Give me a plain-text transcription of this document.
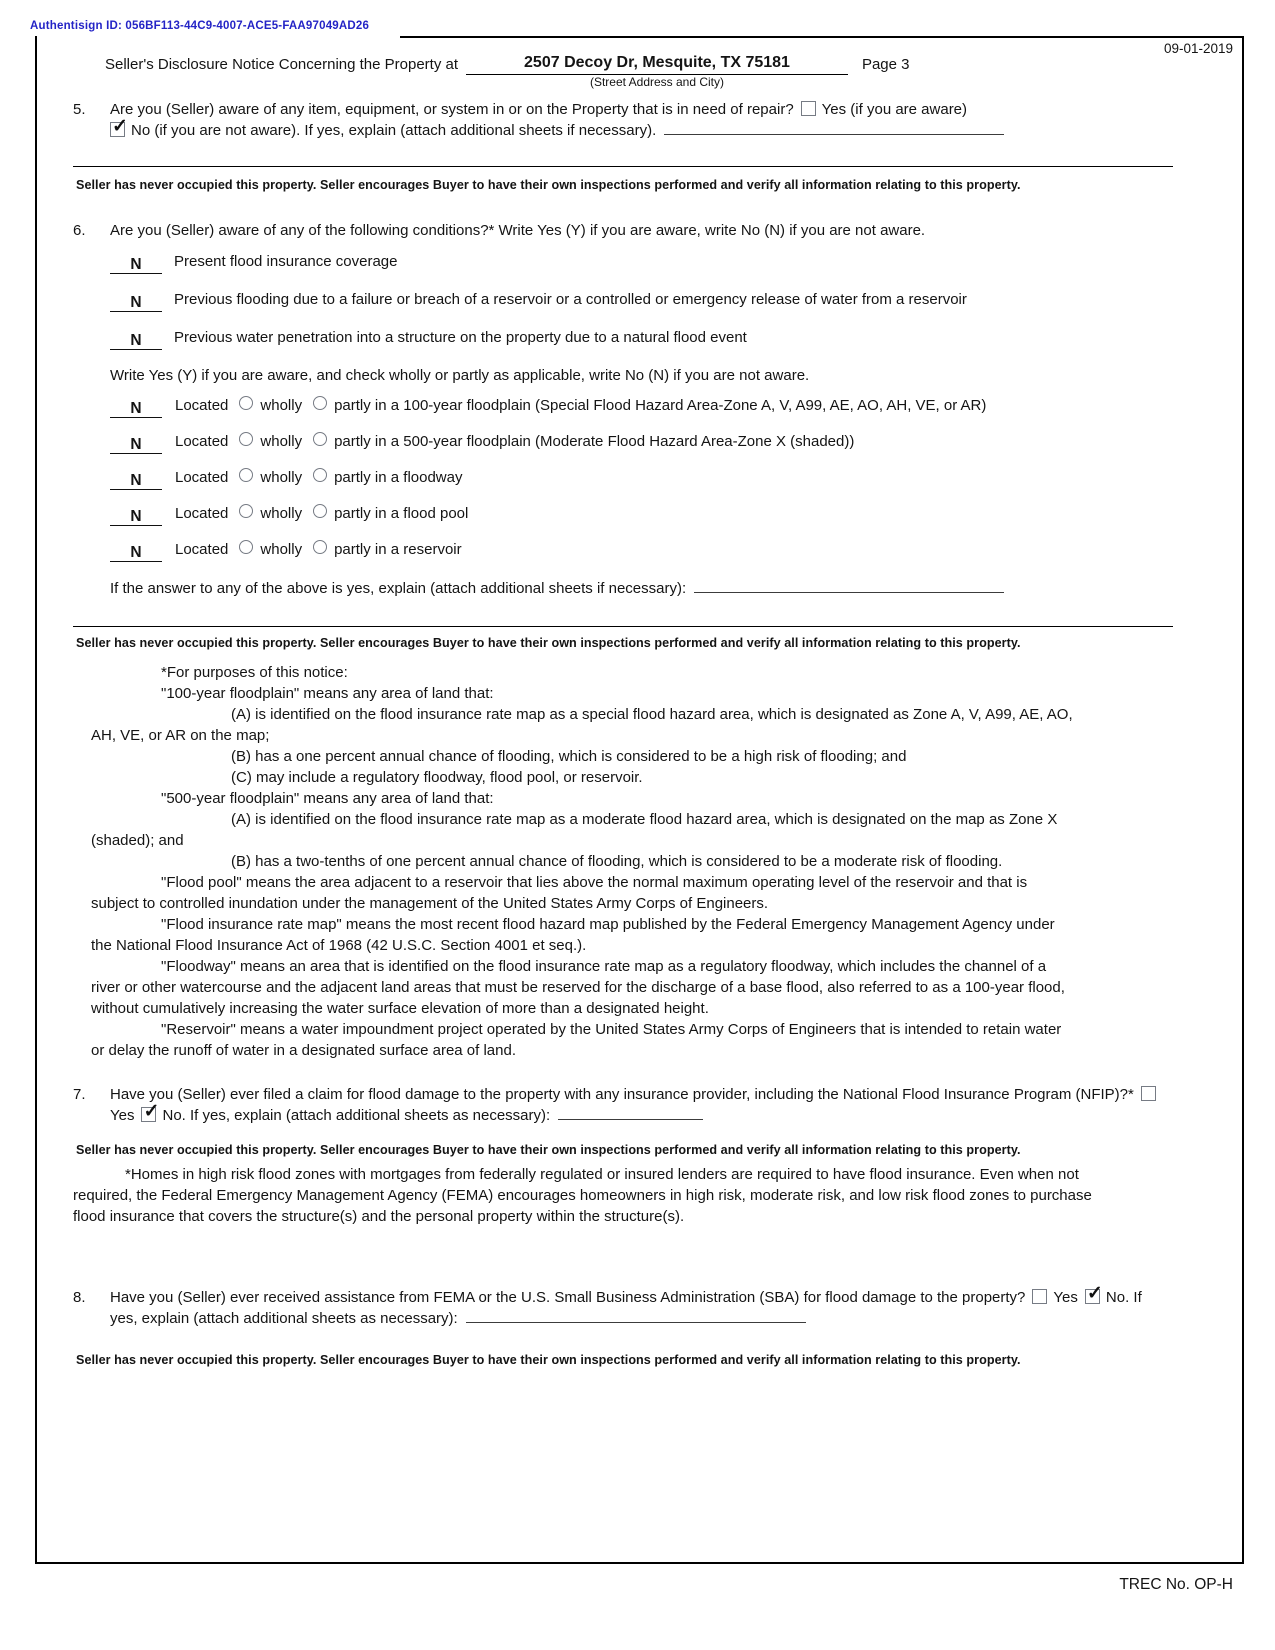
Authentisign ID: 056BF113-44C9-4007-ACE5-FAA97049AD26
09-01-2019
TREC No. OP-H
Seller's Disclosure Notice Concerning the Property at	2507 Decoy Dr, Mesquite, TX 75181
(Street Address and City)
Page 3
5.	Are you (Seller) aware of any item, equipment, or system in or on the Property that is in need of repair? Yes (if you are aware)
✓ No (if you are not aware). If yes, explain (attach additional sheets if necessary).
Seller has never occupied this property. Seller encourages Buyer to have their own inspections performed and verify all information relating to this property.
6.	Are you (Seller) aware of any of the following conditions?* Write Yes (Y) if you are aware, write No (N) if you are not aware.
N	Present flood insurance coverage
N	Previous flooding due to a failure or breach of a reservoir or a controlled or emergency release of water from a reservoir
N	Previous water penetration into a structure on the property due to a natural flood event
Write Yes (Y) if you are aware, and check wholly or partly as applicable, write No (N) if you are not aware.
N	Located wholly partly in a 100-year floodplain (Special Flood Hazard Area-Zone A, V, A99, AE, AO, AH, VE, or AR)
N	Located wholly partly in a 500-year floodplain (Moderate Flood Hazard Area-Zone X (shaded))
N	Located wholly partly in a floodway
N	Located wholly partly in a flood pool
N	Located wholly partly in a reservoir
If the answer to any of the above is yes, explain (attach additional sheets if necessary):
Seller has never occupied this property. Seller encourages Buyer to have their own inspections performed and verify all information relating to this property.

*For purposes of this notice:

"100-year floodplain" means any area of land that:

(A) is identified on the flood insurance rate map as a special flood hazard area, which is designated as Zone A, V, A99, AE, AO, AH, VE, or AR on the map;

(B) has a one percent annual chance of flooding, which is considered to be a high risk of flooding; and

(C) may include a regulatory floodway, flood pool, or reservoir.

"500-year floodplain" means any area of land that:

(A) is identified on the flood insurance rate map as a moderate flood hazard area, which is designated on the map as Zone X (shaded); and

(B) has a two-tenths of one percent annual chance of flooding, which is considered to be a moderate risk of flooding.

"Flood pool" means the area adjacent to a reservoir that lies above the normal maximum operating level of the reservoir and that is subject to controlled inundation under the management of the United States Army Corps of Engineers.

"Flood insurance rate map" means the most recent flood hazard map published by the Federal Emergency Management Agency under the National Flood Insurance Act of 1968 (42 U.S.C. Section 4001 et seq.).

"Floodway" means an area that is identified on the flood insurance rate map as a regulatory floodway, which includes the channel of a river or other watercourse and the adjacent land areas that must be reserved for the discharge of a base flood, also referred to as a 100-year flood, without cumulatively increasing the water surface elevation of more than a designated height.

"Reservoir" means a water impoundment project operated by the United States Army Corps of Engineers that is intended to retain water or delay the runoff of water in a designated surface area of land.

7.	Have you (Seller) ever filed a claim for flood damage to the property with any insurance provider, including the National Flood Insurance Program (NFIP)?*Yes ✓ No. If yes, explain (attach additional sheets as necessary):
Seller has never occupied this property. Seller encourages Buyer to have their own inspections performed and verify all information relating to this property.

*Homes in high risk flood zones with mortgages from federally regulated or insured lenders are required to have flood insurance. Even when not required, the Federal Emergency Management Agency (FEMA) encourages homeowners in high risk, moderate risk, and low risk flood zones to purchase flood insurance that covers the structure(s) and the personal property within the structure(s).

8.	Have you (Seller) ever received assistance from FEMA or the U.S. Small Business Administration (SBA) for flood damage to the property? Yes ✓ No. If yes, explain (attach additional sheets as necessary):
Seller has never occupied this property. Seller encourages Buyer to have their own inspections performed and verify all information relating to this property.
